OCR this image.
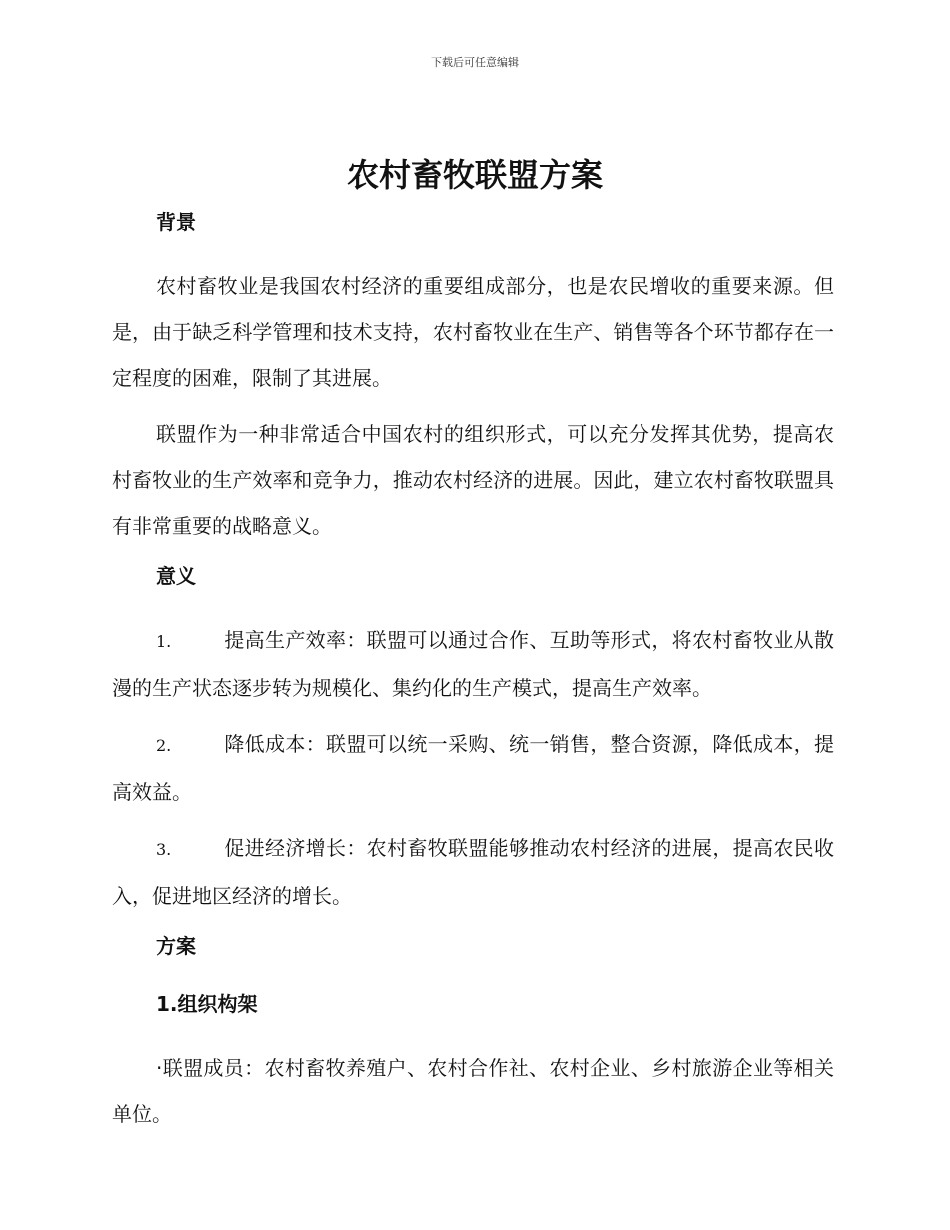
下载后可任意编辑
农村畜牧联盟方案
背景

农村畜牧业是我国农村经济的重要组成部分，也是农民增收的重要来源。但是，由于缺乏科学管理和技术支持，农村畜牧业在生产、销售等各个环节都存在一定程度的困难，限制了其进展。

联盟作为一种非常适合中国农村的组织形式，可以充分发挥其优势，提高农村畜牧业的生产效率和竞争力，推动农村经济的进展。因此，建立农村畜牧联盟具有非常重要的战略意义。

意义

1.	提高生产效率：联盟可以通过合作、互助等形式，将农村畜牧业从散漫的生产状态逐步转为规模化、集约化的生产模式，提高生产效率。

2.	降低成本：联盟可以统一采购、统一销售，整合资源，降低成本，提高效益。

3.	促进经济增长：农村畜牧联盟能够推动农村经济的进展，提高农民收入，促进地区经济的增长。

方案
1.组织构架

·联盟成员：农村畜牧养殖户、农村合作社、农村企业、乡村旅游企业等相关单位。
